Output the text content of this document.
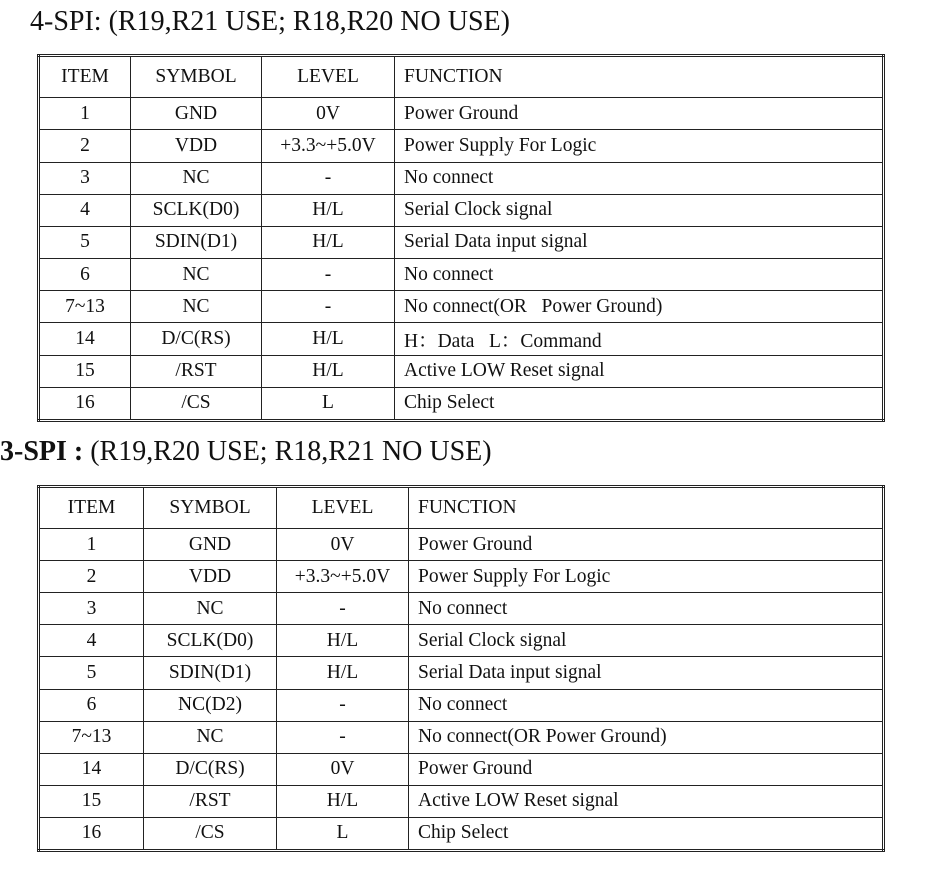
4-SPI: (R19,R21 USE; R18,R20 NO USE)
ITEM	SYMBOL	LEVEL	FUNCTION
1	GND	0V	Power Ground
2	VDD	+3.3~+5.0V	Power Supply For Logic
3	NC	-	No connect
4	SCLK(D0)	H/L	Serial Clock signal
5	SDIN(D1)	H/L	Serial Data input signal
6	NC	-	No connect
7~13	NC	-	No connect(OR   Power Ground)
14	D/C(RS)	H/L	H：Data   L：Command
15	/RST	H/L	Active LOW Reset signal
16	/CS	L	Chip Select
3-SPI : (R19,R20 USE; R18,R21 NO USE)
ITEM	SYMBOL	LEVEL	FUNCTION
1	GND	0V	Power Ground
2	VDD	+3.3~+5.0V	Power Supply For Logic
3	NC	-	No connect
4	SCLK(D0)	H/L	Serial Clock signal
5	SDIN(D1)	H/L	Serial Data input signal
6	NC(D2)	-	No connect
7~13	NC	-	No connect(OR Power Ground)
14	D/C(RS)	0V	Power Ground
15	/RST	H/L	Active LOW Reset signal
16	/CS	L	Chip Select
